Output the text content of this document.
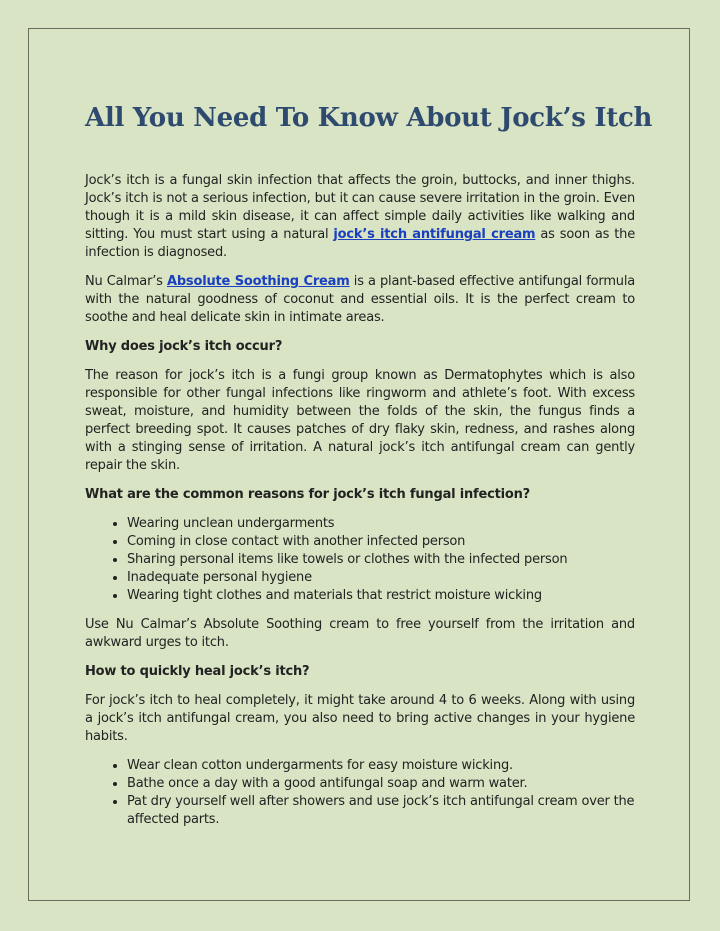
All You Need To Know About Jock’s Itch

Jock’s itch is a fungal skin infection that affects the groin, buttocks, and inner thighs. Jock’s itch is not a serious infection, but it can cause severe irritation in the groin. Even though it is a mild skin disease, it can affect simple daily activities like walking and sitting. You must start using a natural jock’s itch antifungal cream as soon as the infection is diagnosed.

Nu Calmar’s Absolute Soothing Cream is a plant-based effective antifungal formula with the natural goodness of coconut and essential oils. It is the perfect cream to soothe and heal delicate skin in intimate areas.

Why does jock’s itch occur?

The reason for jock’s itch is a fungi group known as Dermatophytes which is also responsible for other fungal infections like ringworm and athlete’s foot. With excess sweat, moisture, and humidity between the folds of the skin, the fungus finds a perfect breeding spot. It causes patches of dry flaky skin, redness, and rashes along with a stinging sense of irritation. A natural jock’s itch antifungal cream can gently repair the skin.

What are the common reasons for jock’s itch fungal infection?

• Wearing unclean undergarments
• Coming in close contact with another infected person
• Sharing personal items like towels or clothes with the infected person
• Inadequate personal hygiene
• Wearing tight clothes and materials that restrict moisture wicking

Use Nu Calmar’s Absolute Soothing cream to free yourself from the irritation and awkward urges to itch.

How to quickly heal jock’s itch?

For jock’s itch to heal completely, it might take around 4 to 6 weeks. Along with using a jock’s itch antifungal cream, you also need to bring active changes in your hygiene habits.

• Wear clean cotton undergarments for easy moisture wicking.
• Bathe once a day with a good antifungal soap and warm water.
• Pat dry yourself well after showers and use jock’s itch antifungal cream over the affected parts.
